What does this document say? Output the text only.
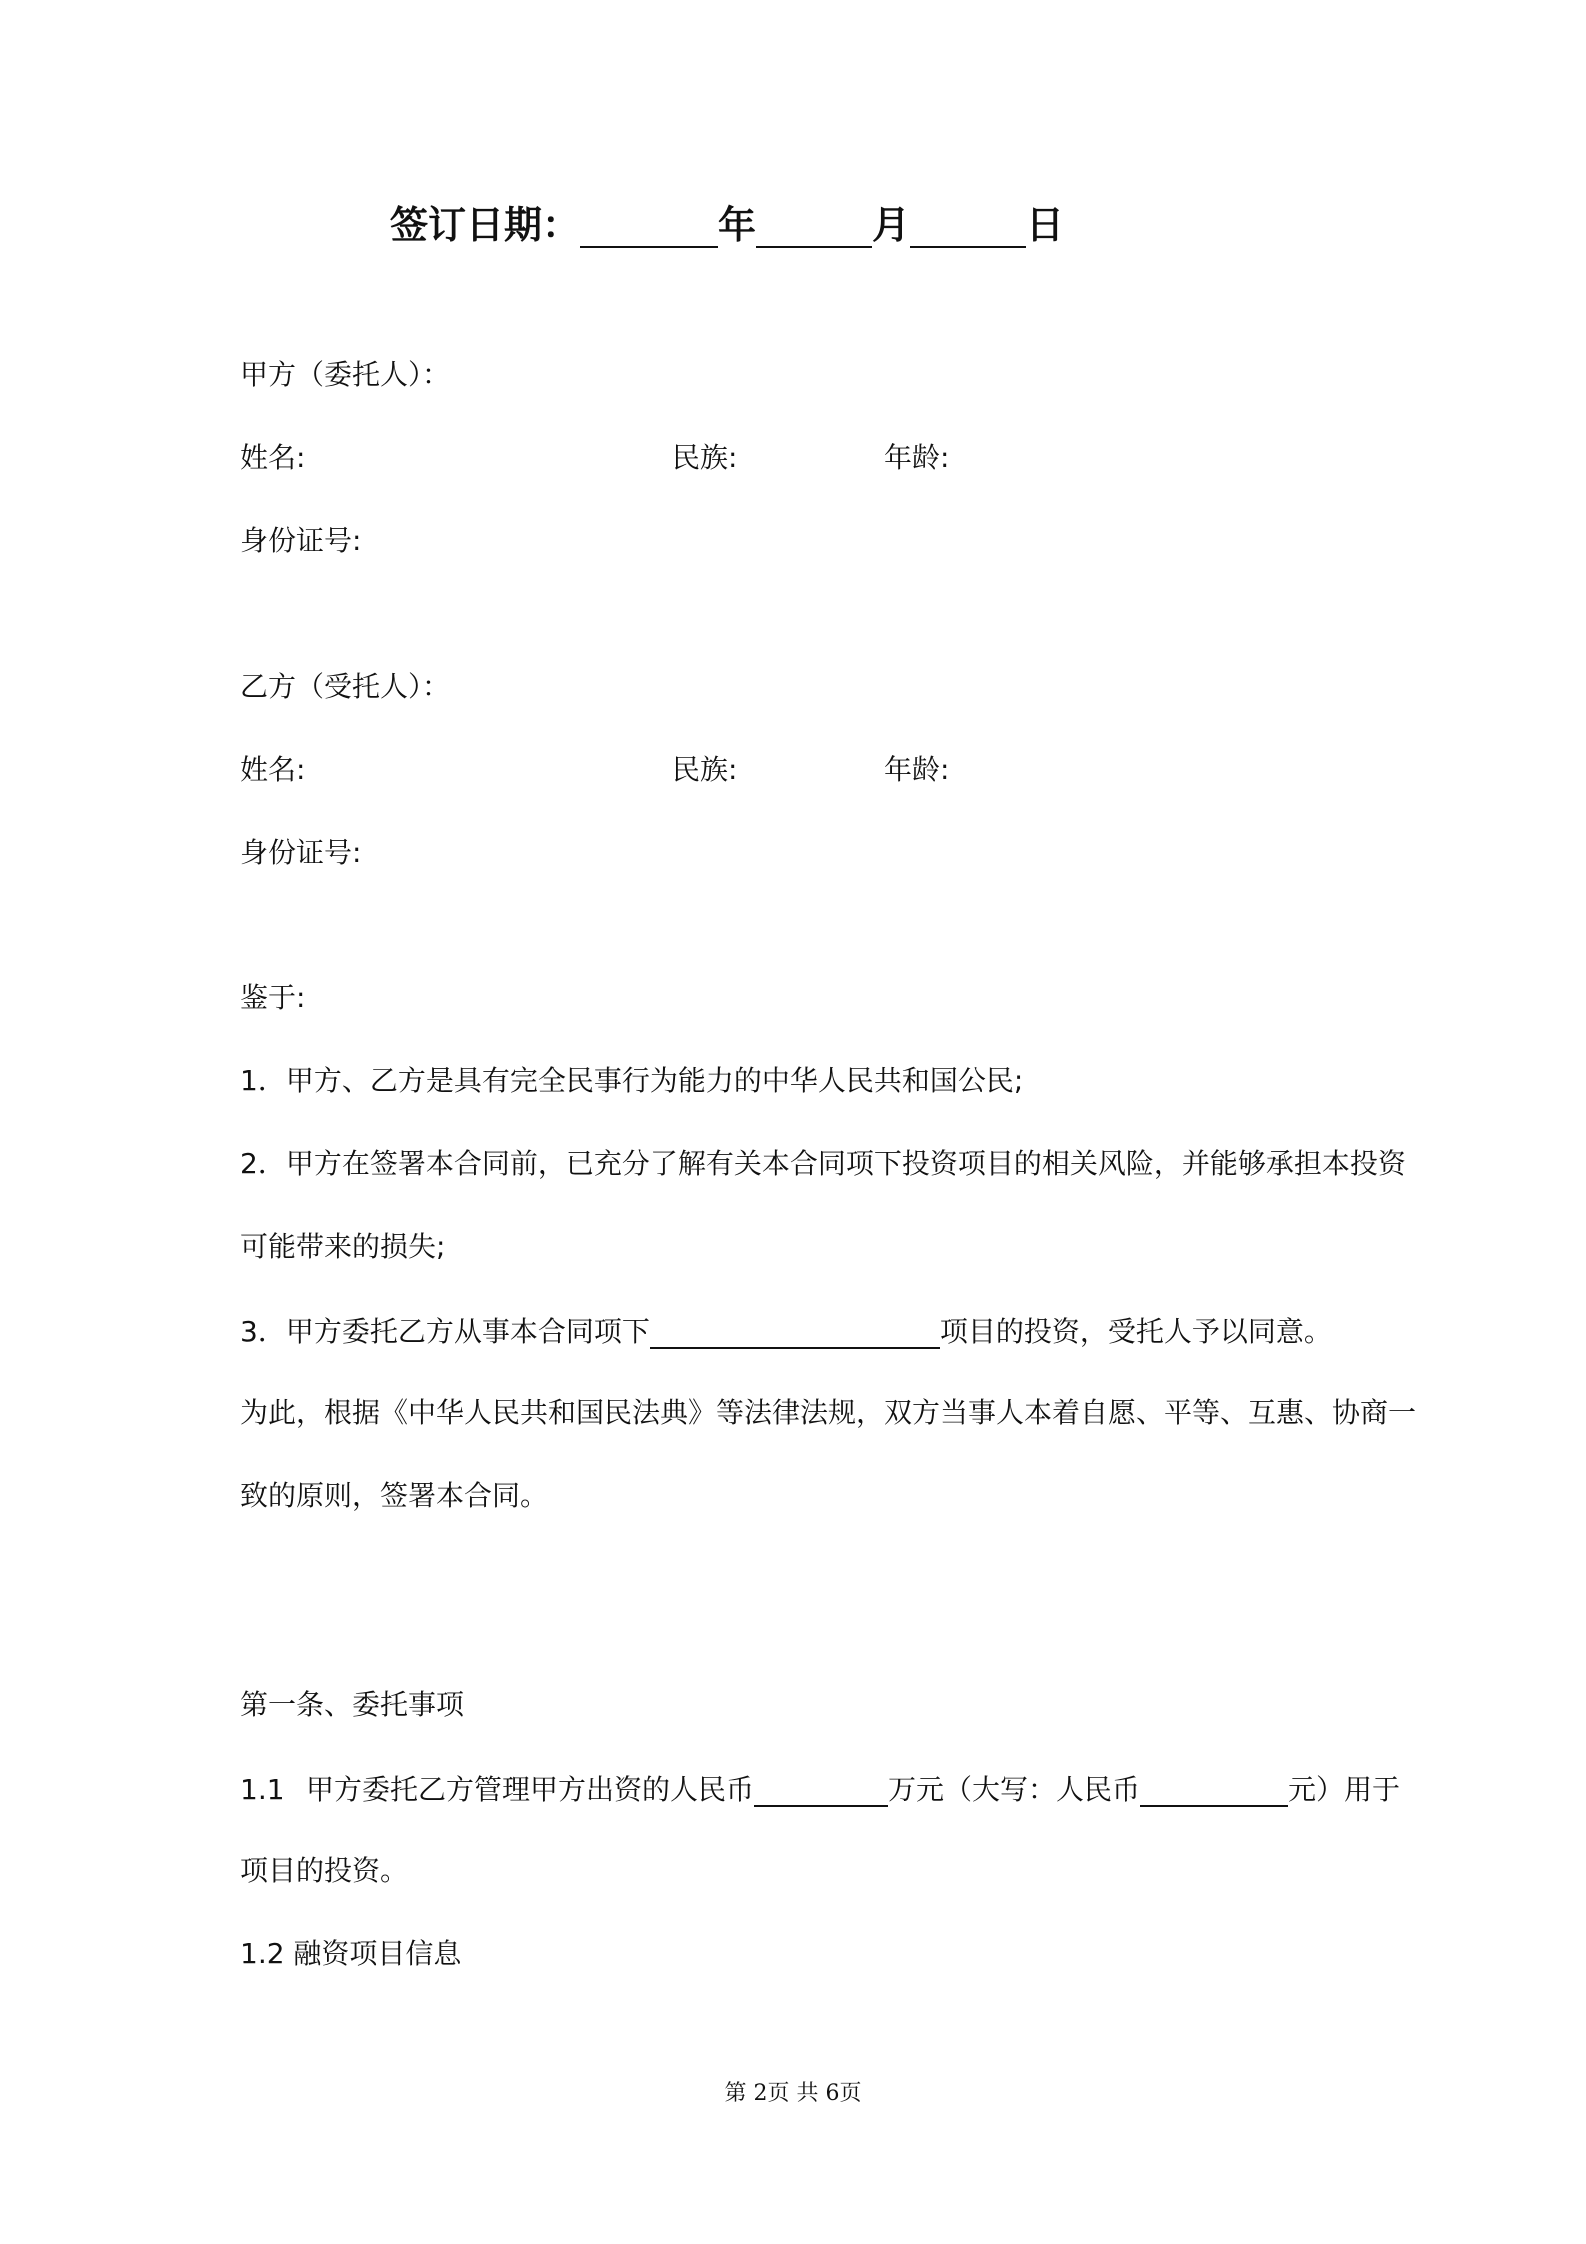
签订日期：	年	月	日
甲方（委托人）：
姓名:	民族:	年龄:
身份证号:
乙方（受托人）：
姓名:	民族:	年龄:
身份证号:
鉴于:
1．甲方、乙方是具有完全民事行为能力的中华人民共和国公民;
2．甲方在签署本合同前，已充分了解有关本合同项下投资项目的相关风险，并能够承担本投资
可能带来的损失;
3．甲方委托乙方从事本合同项下	项目的投资，受托人予以同意。
为此，根据《中华人民共和国民法典》等法律法规，双方当事人本着自愿、平等、互惠、协商一
致的原则，签署本合同。
第一条、委托事项
1.1 甲方委托乙方管理甲方出资的人民币	万元（大写：人民币	元）用于
项目的投资。
1.2 融资项目信息
第 2页 共 6页
